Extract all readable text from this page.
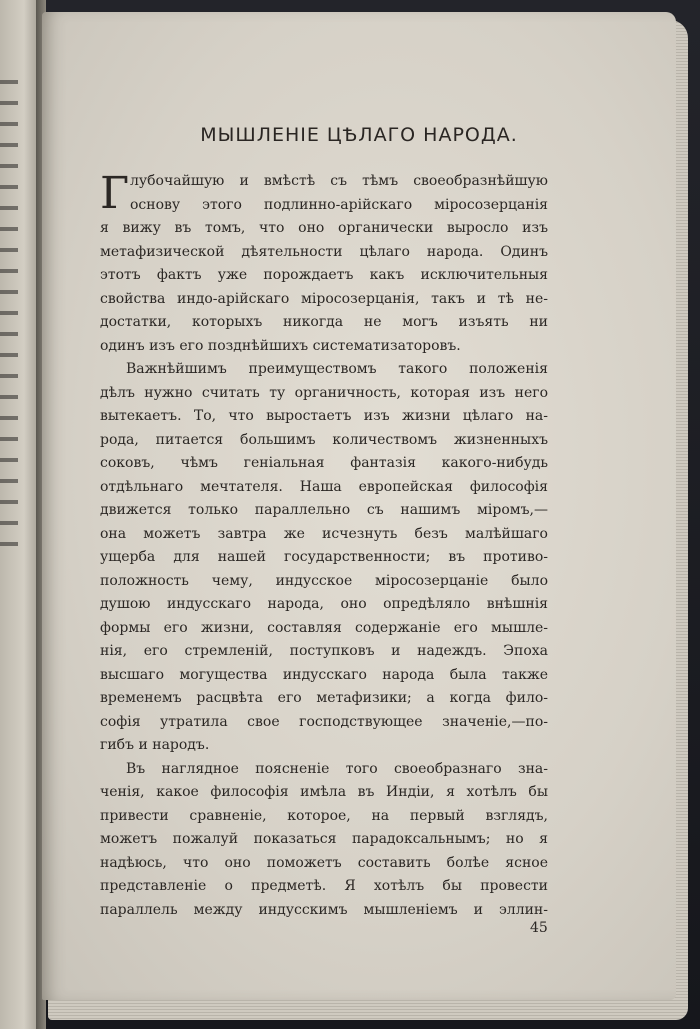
МЫШЛЕНІЕ ЦѢЛАГО НАРОДА.
Г лубочайшую и вмѣстѣ съ тѣмъ своеобразнѣйшую
основу этого подлинно-арійскаго міросозерцанія
я вижу въ томъ, что оно органически выросло изъ
метафизической дѣятельности цѣлаго народа. Одинъ
этотъ фактъ уже порождаетъ какъ исключительныя
свойства индо-арійскаго міросозерцанія, такъ и тѣ не-
достатки, которыхъ никогда не могъ изъять ни
одинъ изъ его позднѣйшихъ систематизаторовъ.
Важнѣйшимъ преимуществомъ такого положенія
дѣлъ нужно считать ту органичность, которая изъ него
вытекаетъ. То, что выростаетъ изъ жизни цѣлаго на-
рода, питается большимъ количествомъ жизненныхъ
соковъ, чѣмъ геніальная фантазія какого-нибудь
отдѣльнаго мечтателя. Наша европейская философія
движется только параллельно съ нашимъ міромъ,—
она можетъ завтра же исчезнуть безъ малѣйшаго
ущерба для нашей государственности; въ противо-
положность чему, индусское міросозерцаніе было
душою индусскаго народа, оно опредѣляло внѣшнія
формы его жизни, составляя содержаніе его мышле-
нія, его стремленій, поступковъ и надеждъ. Эпоха
высшаго могущества индусскаго народа была также
временемъ расцвѣта его метафизики; а когда фило-
софія утратила свое господствующее значеніе,—по-
гибъ и народъ.
Въ наглядное поясненіе того своеобразнаго зна-
ченія, какое философія имѣла въ Индіи, я хотѣлъ бы
привести сравненіе, которое, на первый взглядъ,
можетъ пожалуй показаться парадоксальнымъ; но я
надѣюсь, что оно поможетъ составить болѣе ясное
представленіе о предметѣ. Я хотѣлъ бы провести
параллель между индусскимъ мышленіемъ и эллин-
45
